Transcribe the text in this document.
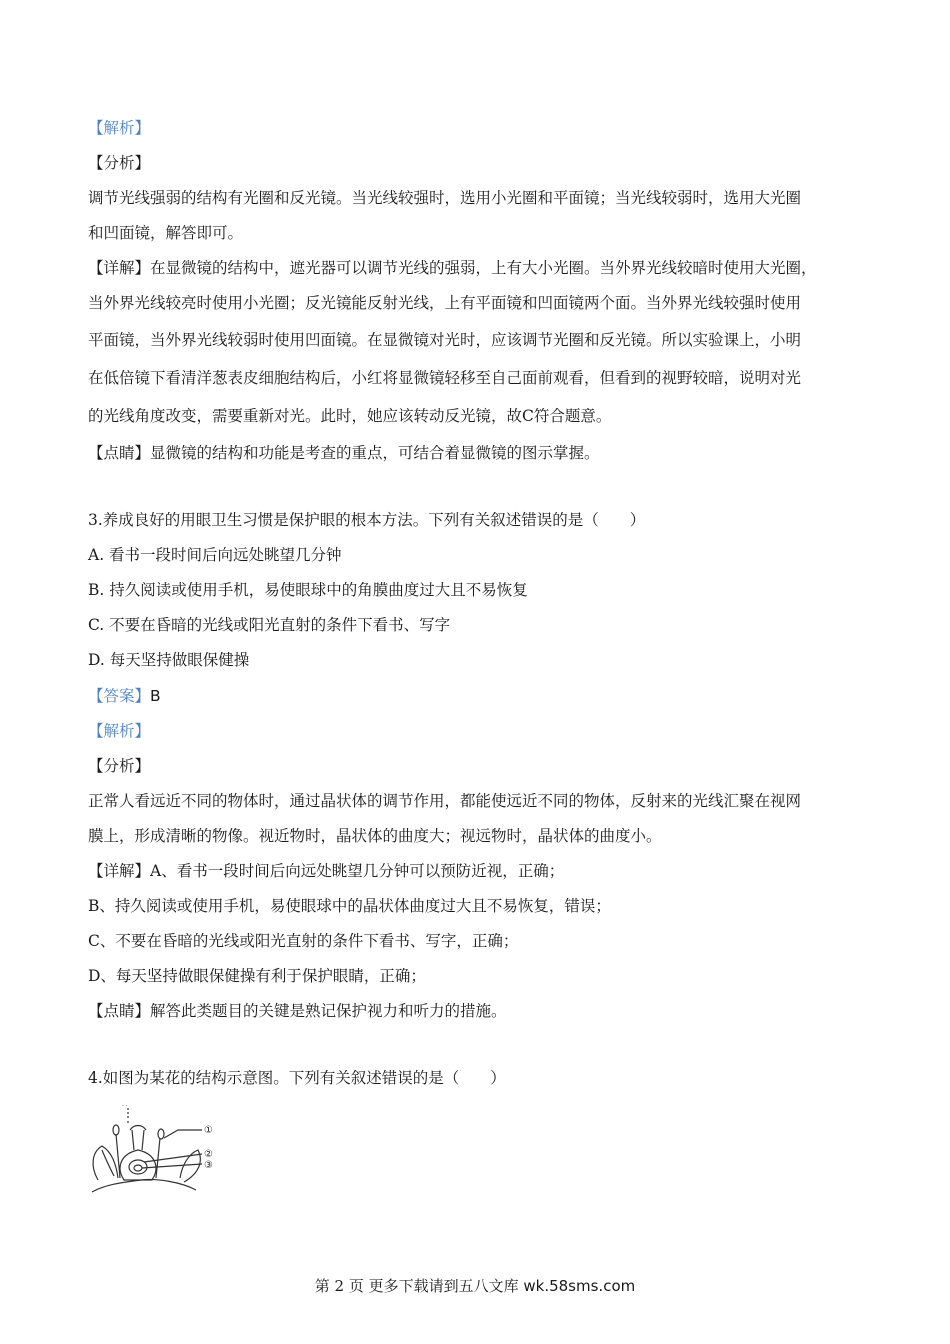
【解析】
【分析】
调节光线强弱的结构有光圈和反光镜。当光线较强时，选用小光圈和平面镜；当光线较弱时，选用大光圈
和凹面镜，解答即可。
【详解】在显微镜的结构中，遮光器可以调节光线的强弱，上有大小光圈。当外界光线较暗时使用大光圈，
当外界光线较亮时使用小光圈；反光镜能反射光线，上有平面镜和凹面镜两个面。当外界光线较强时使用
平面镜，当外界光线较弱时使用凹面镜。在显微镜对光时，应该调节光圈和反光镜。所以实验课上，小明
在低倍镜下看清洋葱表皮细胞结构后，小红将显微镜轻移至自己面前观看，但看到的视野较暗，说明对光
的光线角度改变，需要重新对光。此时，她应该转动反光镜，故C符合题意。
【点睛】显微镜的结构和功能是考查的重点，可结合着显微镜的图示掌握。
3.养成良好的用眼卫生习惯是保护眼的根本方法。下列有关叙述错误的是（　　）
A. 看书一段时间后向远处眺望几分钟
B. 持久阅读或使用手机，易使眼球中的角膜曲度过大且不易恢复
C. 不要在昏暗的光线或阳光直射的条件下看书、写字
D. 每天坚持做眼保健操
【答案】B
【解析】
【分析】
正常人看远近不同的物体时，通过晶状体的调节作用，都能使远近不同的物体，反射来的光线汇聚在视网
膜上，形成清晰的物像。视近物时，晶状体的曲度大；视远物时，晶状体的曲度小。
【详解】A、看书一段时间后向远处眺望几分钟可以预防近视，正确；
B、持久阅读或使用手机，易使眼球中的晶状体曲度过大且不易恢复，错误；
C、不要在昏暗的光线或阳光直射的条件下看书、写字，正确；
D、每天坚持做眼保健操有利于保护眼睛，正确；
【点睛】解答此类题目的关键是熟记保护视力和听力的措施。
4.如图为某花的结构示意图。下列有关叙述错误的是（　　）
· ·
①
②
③
第 2 页 更多下载请到五八文库 wk.58sms.com
